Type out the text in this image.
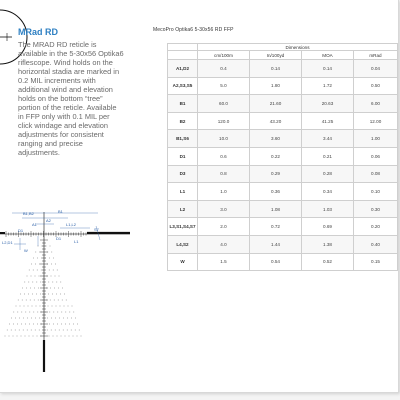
B1
B1,B2
A2
A1
D1
L1,L2
S7
D1
L1
W
L2,D1
MRad RD
The MRAD RD reticle is available in the 5-30x56 Optika6 riflescope. Wind holds on the horizontal stadia are marked in 0.2 MIL increments with additional wind and elevation holds on the bottom “tree” portion of the reticle. Available in FFP only with 0.1 MIL per click windage and elevation adjustments for consistent ranging and precise adjustments.
MecoPro Optika6 5-30x56 RD FFP
	Dimensions			
	cm/100m	In/100yd	MOA	mRad
A1,D2	0.4	0.14	0.14	0.04
A2,S3,S5	5.0	1.80	1.72	0.50
B1	60.0	21.60	20.63	6.00
B2	120.0	43.20	41.25	12.00
B1,S6	10.0	3.60	3.44	1.00
D1	0.6	0.22	0.21	0.06
D3	0.8	0.29	0.28	0.08
L1	1.0	0.36	0.34	0.10
L2	3.0	1.08	1.03	0.30
L3,S1,S4,S7	2.0	0.72	0.69	0.20
L4,S2	4.0	1.44	1.38	0.40
W	1.5	0.54	0.52	0.15
